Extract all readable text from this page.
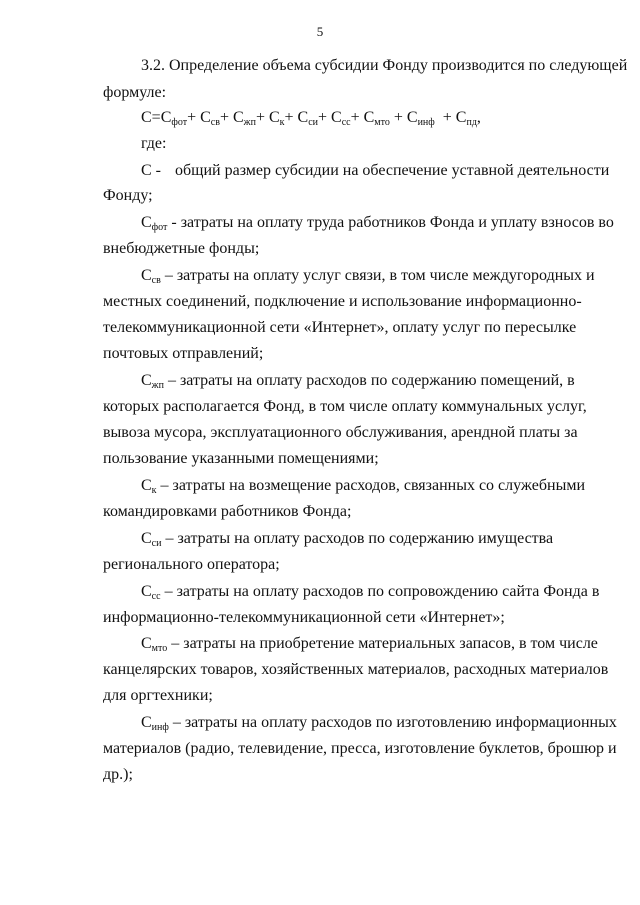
5
3.2. Определение объема субсидии Фонду производится по следующей
формуле:
$С=С_{фот}+ С_{св}+ С_{жп}+ С_к+ С_{си}+ С_{сс}+ С_{мто} + С_{инф} + С_{пд}$,
где:
С - общий размер субсидии на обеспечение уставной деятельности
Фонду;
$С_{фот}$ - затраты на оплату труда работников Фонда и уплату взносов во
внебюджетные фонды;
$С_{св}$ – затраты на оплату услуг связи, в том числе междугородных и
местных соединений, подключение и использование информационно-
телекоммуникационной сети «Интернет», оплату услуг по пересылке
почтовых отправлений;
$С_{жп}$ – затраты на оплату расходов по содержанию помещений, в
которых располагается Фонд, в том числе оплату коммунальных услуг,
вывоза мусора, эксплуатационного обслуживания, арендной платы за
пользование указанными помещениями;
$С_к$ – затраты на возмещение расходов, связанных со служебными
командировками работников Фонда;
$С_{си}$ – затраты на оплату расходов по содержанию имущества
регионального оператора;
$С_{сс}$ – затраты на оплату расходов по сопровождению сайта Фонда в
информационно-телекоммуникационной сети «Интернет»;
$С_{мто}$ – затраты на приобретение материальных запасов, в том числе
канцелярских товаров, хозяйственных материалов, расходных материалов
для оргтехники;
$С_{инф}$ – затраты на оплату расходов по изготовлению информационных
материалов (радио, телевидение, пресса, изготовление буклетов, брошюр и
др.);
